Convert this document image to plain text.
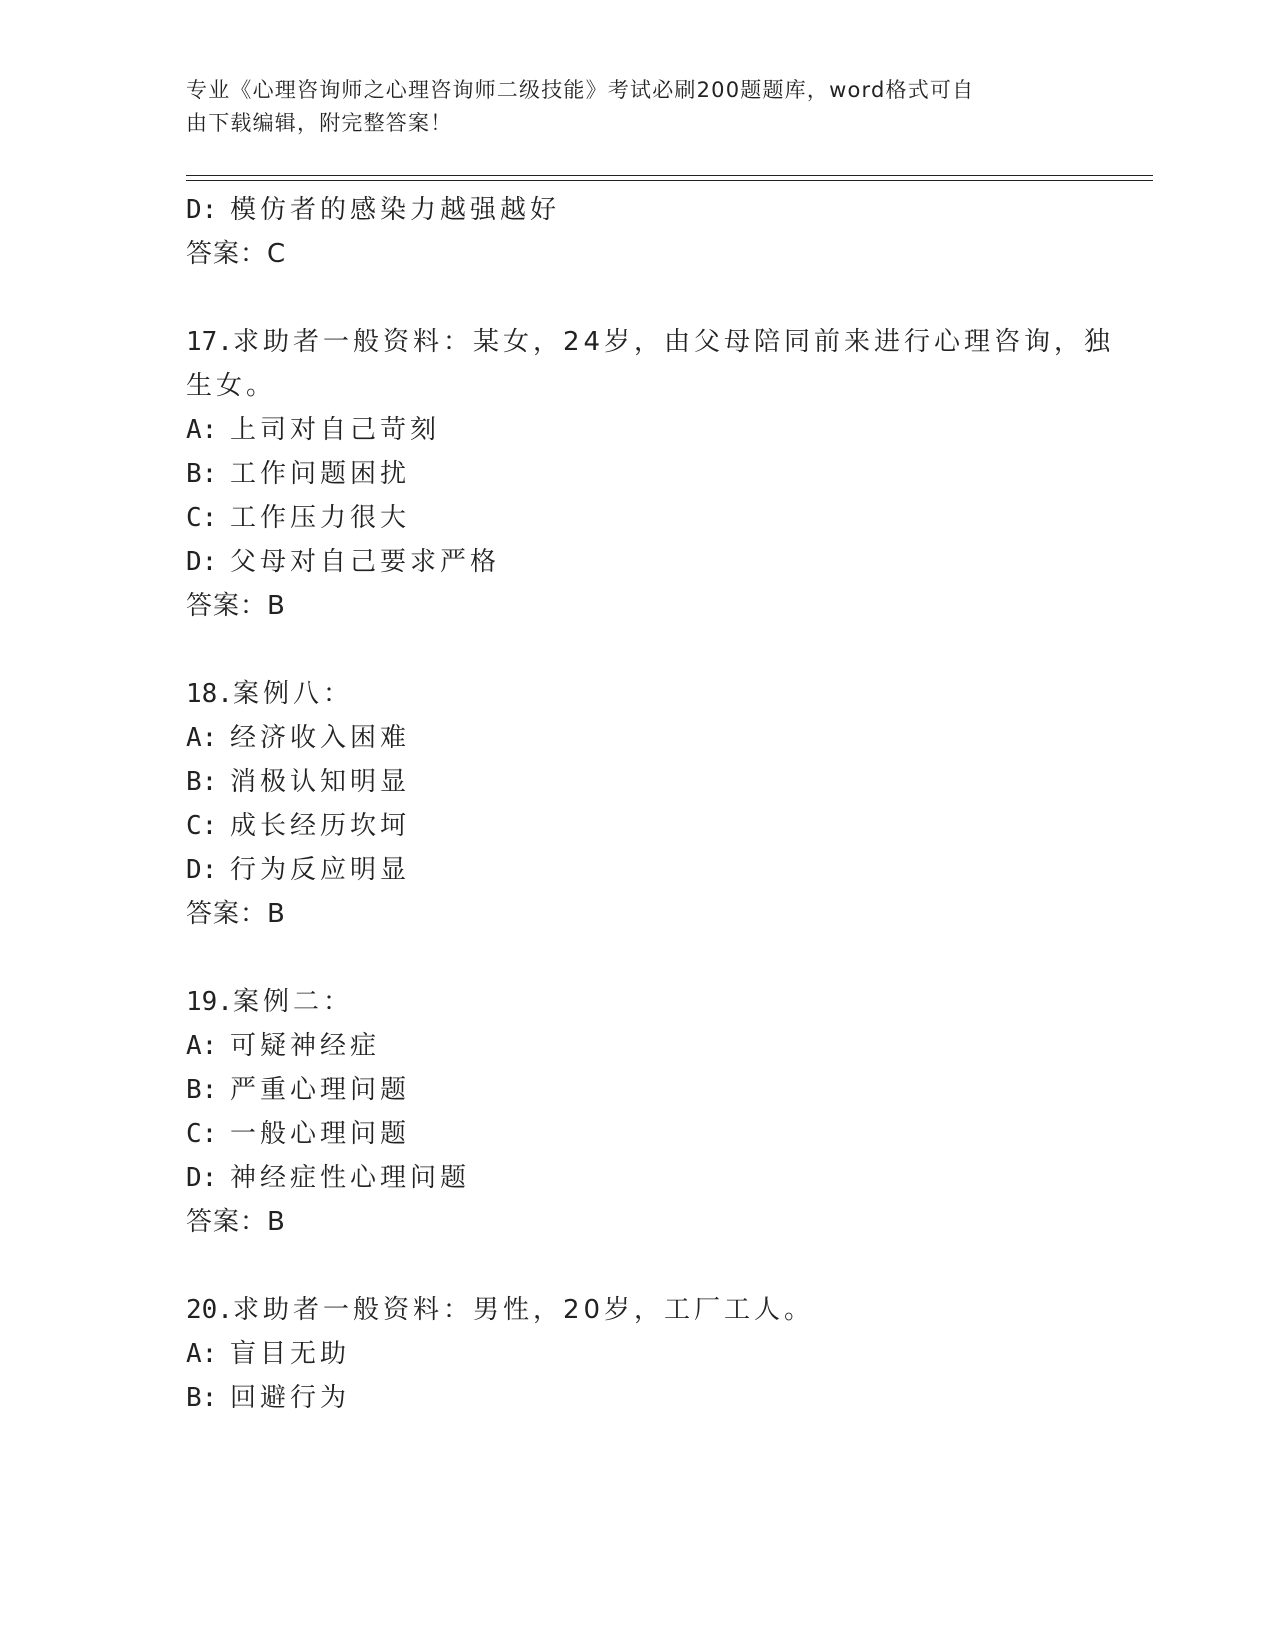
专业《心理咨询师之心理咨询师二级技能》考试必刷200题题库，word格式可自
由下载编辑，附完整答案！
D: 模仿者的感染力越强越好
答案：C
17.求助者一般资料：某女，24岁，由父母陪同前来进行心理咨询，独
生女。
A: 上司对自己苛刻
B: 工作问题困扰
C: 工作压力很大
D: 父母对自己要求严格
答案：B
18.案例八：
A: 经济收入困难
B: 消极认知明显
C: 成长经历坎坷
D: 行为反应明显
答案：B
19.案例二：
A: 可疑神经症
B: 严重心理问题
C: 一般心理问题
D: 神经症性心理问题
答案：B
20.求助者一般资料：男性，20岁，工厂工人。
A: 盲目无助
B: 回避行为
